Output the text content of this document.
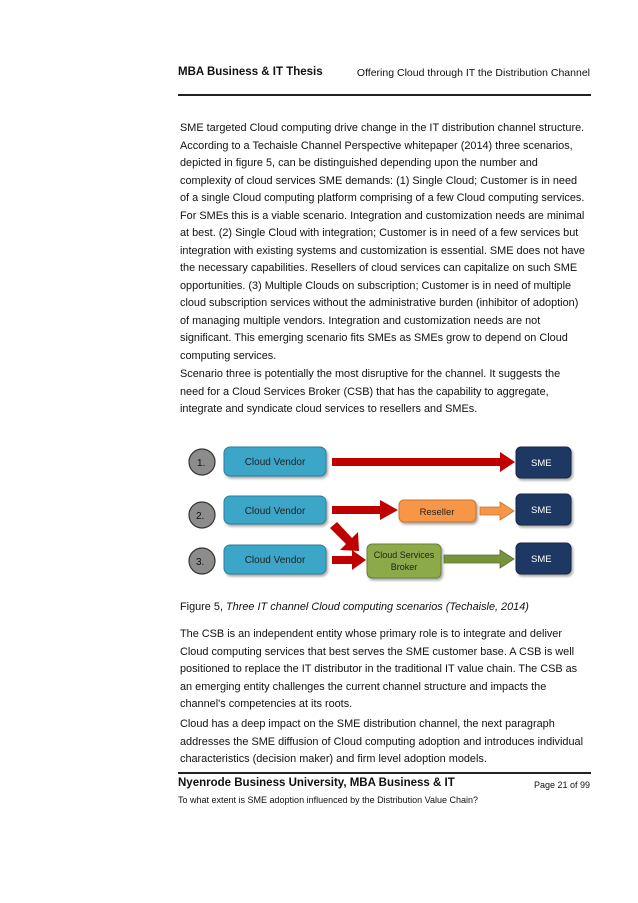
MBA Business & IT Thesis	Offering Cloud through IT the Distribution Channel

SME targeted Cloud computing drive change in the IT distribution channel structure. According to a Techaisle Channel Perspective whitepaper (2014) three scenarios, depicted in figure 5, can be distinguished depending upon the number and complexity of cloud services SME demands: (1) Single Cloud; Customer is in need of a single Cloud computing platform comprising of a few Cloud computing services. For SMEs this is a viable scenario. Integration and customization needs are minimal at best. (2) Single Cloud with integration; Customer is in need of a few services but integration with existing systems and customization is essential. SME does not have the necessary capabilities. Resellers of cloud services can capitalize on such SME opportunities. (3) Multiple Clouds on subscription; Customer is in need of multiple cloud subscription services without the administrative burden (inhibitor of adoption) of managing multiple vendors. Integration and customization needs are not significant. This emerging scenario fits SMEs as SMEs grow to depend on Cloud computing services.

Scenario three is potentially the most disruptive for the channel. It suggests the need for a Cloud Services Broker (CSB) that has the capability to aggregate, integrate and syndicate cloud services to resellers and SMEs.

1.	Cloud Vendor	SME
2.	Cloud Vendor	Reseller	SME
3.	Cloud Vendor	Cloud Services
Broker
SME
Figure 5, Three IT channel Cloud computing scenarios (Techaisle, 2014)

The CSB is an independent entity whose primary role is to integrate and deliver Cloud computing services that best serves the SME customer base. A CSB is well positioned to replace the IT distributor in the traditional IT value chain. The CSB as an emerging entity challenges the current channel structure and impacts the channel's competencies at its roots.

Cloud has a deep impact on the SME distribution channel, the next paragraph addresses the SME diffusion of Cloud computing adoption and introduces individual characteristics (decision maker) and firm level adoption models.

Nyenrode Business University, MBA Business & IT	Page 21 of 99
To what extent is SME adoption influenced by the Distribution Value Chain?
